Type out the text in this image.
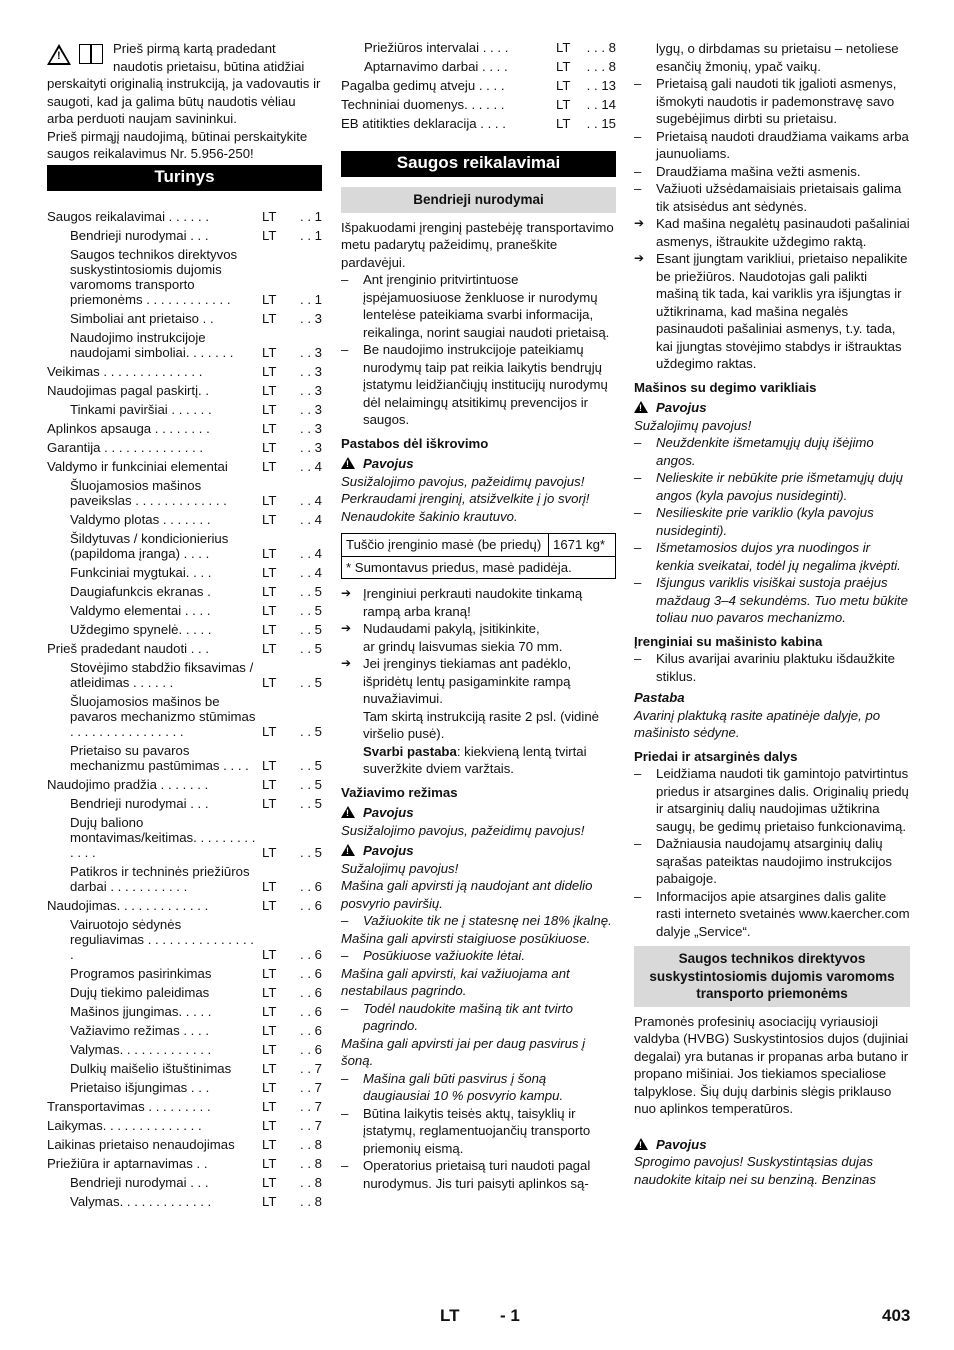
!	Prieš pirmą kartą pradedant naudotis prietaisu, būtina atidžiai perskaityti originalią instrukciją, ja vadovautis ir saugoti, kad ja galima būtų naudotis vėliau arba perduoti naujam savininkui.

Prieš pirmąjį naudojimą, būtinai perskaitykite saugos reikalavimus Nr. 5.956-250!

Turinys
Saugos reikalavimai . . . . . .	LT	. . 1
Bendrieji nurodymai . . .	LT	. . 1
Saugos technikos direktyvos suskystintosiomis dujomis varomoms transporto priemonėms . . . . . . . . . . . .	LT	. . 1
Simboliai ant prietaiso . .	LT	. . 3
Naudojimo instrukcijoje naudojami simboliai. . . . . . .	LT	. . 3
Veikimas . . . . . . . . . . . . . .	LT	. . 3
Naudojimas pagal paskirtį. .	LT	. . 3
Tinkami paviršiai . . . . . .	LT	. . 3
Aplinkos apsauga . . . . . . . .	LT	. . 3
Garantija . . . . . . . . . . . . . .	LT	. . 3
Valdymo ir funkciniai elementai	LT	. . 4
Šluojamosios mašinos paveikslas . . . . . . . . . . . . .	LT	. . 4
Valdymo plotas . . . . . . .	LT	. . 4
Šildytuvas / kondicionierius (papildoma įranga) . . . .	LT	. . 4
Funkciniai mygtukai. . . .	LT	. . 4
Daugiafunkcis ekranas .	LT	. . 5
Valdymo elementai . . . .	LT	. . 5
Uždegimo spynelė. . . . .	LT	. . 5
Prieš pradedant naudoti . . .	LT	. . 5
Stovėjimo stabdžio fiksavimas / atleidimas . . . . . .	LT	. . 5
Šluojamosios mašinos be pavaros mechanizmo stūmimas . . . . . . . . . . . . . . . .	LT	. . 5
Prietaiso su pavaros mechanizmu pastūmimas . . . .	LT	. . 5
Naudojimo pradžia . . . . . . .	LT	. . 5
Bendrieji nurodymai . . .	LT	. . 5
Dujų baliono montavimas/keitimas. . . . . . . . . . . . .	LT	. . 5
Patikros ir techninės priežiūros darbai . . . . . . . . . . .	LT	. . 6
Naudojimas. . . . . . . . . . . . .	LT	. . 6
Vairuotojo sėdynės reguliavimas . . . . . . . . . . . . . . . .	LT	. . 6
Programos pasirinkimas	LT	. . 6
Dujų tiekimo paleidimas	LT	. . 6
Mašinos įjungimas. . . . .	LT	. . 6
Važiavimo režimas . . . .	LT	. . 6
Valymas. . . . . . . . . . . . .	LT	. . 6
Dulkių maišelio ištuštinimas	LT	. . 7
Prietaiso išjungimas . . .	LT	. . 7
Transportavimas . . . . . . . . .	LT	. . 7
Laikymas. . . . . . . . . . . . . .	LT	. . 7
Laikinas prietaiso nenaudojimas	LT	. . 8
Priežiūra ir aptarnavimas . .	LT	. . 8
Bendrieji nurodymai . . .	LT	. . 8
Valymas. . . . . . . . . . . . .	LT	. . 8
Priežiūros intervalai . . . .	LT	. . . 8
Aptarnavimo darbai . . . .	LT	. . . 8
Pagalba gedimų atveju . . . .	LT	. . 13
Techniniai duomenys. . . . . .	LT	. . 14
EB atitikties deklaracija . . . .	LT	. . 15
Saugos reikalavimai
Bendrieji nurodymai

Išpakuodami įrenginį pastebėję transportavimo metu padarytų pažeidimų, praneškite pardavėjui.

– Ant įrenginio pritvirtintuose įspėjamuosiuose ženkluose ir nurodymų lentelėse pateikiama svarbi informacija, reikalinga, norint saugiai naudoti prietaisą.

– Be naudojimo instrukcijoje pateikiamų nurodymų taip pat reikia laikytis bendrųjų įstatymu leidžiančiųjų institucijų nurodymų dėl nelaimingų atsitikimų prevencijos ir saugos.

Pastabos dėl iškrovimo

!Pavojus

Susižalojimo pavojus, pažeidimų pavojus! Perkraudami įrenginį, atsižvelkite į jo svorį! Nenaudokite šakinio krautuvo.

Tuščio įrenginio masė (be priedų)	1671 kg*
* Sumontavus priedus, masė padidėja.

➔ Įrenginiui perkrauti naudokite tinkamą rampą arba kraną!

➔ Nudaudami pakylą, įsitikinkite,

ar grindų laisvumas siekia 70 mm.

➔ Jei įrenginys tiekiamas ant padėklo, išpridėtų lentų pasigaminkite rampą nuvažiavimui.

Tam skirtą instrukciją rasite 2 psl. (vidinė viršelio pusė).

Svarbi pastaba: kiekvieną lentą tvirtai suveržkite dviem varžtais.

Važiavimo režimas

!Pavojus

Susižalojimo pavojus, pažeidimų pavojus!

!Pavojus

Sužalojimų pavojus!

Mašina gali apvirsti ją naudojant ant didelio posvyrio paviršių.

– Važiuokite tik ne į statesnę nei 18% įkalnę.

Mašina gali apvirsti staigiuose posūkiuose.

– Posūkiuose važiuokite lėtai.

Mašina gali apvirsti, kai važiuojama ant nestabilaus pagrindo.

– Todėl naudokite mašiną tik ant tvirto pagrindo.

Mašina gali apvirsti jai per daug pasvirus į šoną.

– Mašina gali būti pasvirus į šoną daugiausiai 10 % posvyrio kampu.

– Būtina laikytis teisės aktų, taisyklių ir įstatymų, reglamentuojančių transporto priemonių eismą.

– Operatorius prietaisą turi naudoti pagal nurodymus. Jis turi paisyti aplinkos są-

lygų, o dirbdamas su prietaisu – netoliese esančių žmonių, ypač vaikų.

– Prietaisą gali naudoti tik įgalioti asmenys, išmokyti naudotis ir pademonstravę savo sugebėjimus dirbti su prietaisu.

– Prietaisą naudoti draudžiama vaikams arba jaunuoliams.

– Draudžiama mašina vežti asmenis.

– Važiuoti užsėdamaisiais prietaisais galima tik atsisėdus ant sėdynės.

➔ Kad mašina negalėtų pasinaudoti pašaliniai asmenys, ištraukite uždegimo raktą.

➔ Esant įjungtam varikliui, prietaiso nepalikite be priežiūros. Naudotojas gali palikti mašiną tik tada, kai variklis yra išjungtas ir užtikrinama, kad mašina negalės pasinaudoti pašaliniai asmenys, t.y. tada, kai įjungtas stovėjimo stabdys ir ištrauktas uždegimo raktas.

Mašinos su degimo varikliais

!Pavojus

Sužalojimų pavojus!

– Neuždenkite išmetamųjų dujų išėjimo angos.

– Nelieskite ir nebūkite prie išmetamųjų dujų angos (kyla pavojus nusideginti).

– Nesilieskite prie variklio (kyla pavojus nusideginti).

– Išmetamosios dujos yra nuodingos ir kenkia sveikatai, todėl jų negalima įkvėpti.

– Išjungus variklis visiškai sustoja praėjus maždaug 3–4 sekundėms. Tuo metu būkite toliau nuo pavaros mechanizmo.

Įrenginiai su mašinisto kabina

– Kilus avarijai avariniu plaktuku išdaužkite stiklus.

Pastaba

Avarinį plaktuką rasite apatinėje dalyje, po mašinisto sėdyne.

Priedai ir atsarginės dalys

– Leidžiama naudoti tik gamintojo patvirtintus priedus ir atsargines dalis. Originalių priedų ir atsarginių dalių naudojimas užtikrina saugų, be gedimų prietaiso funkcionavimą.

– Dažniausia naudojamų atsarginių dalių sąrašas pateiktas naudojimo instrukcijos pabaigoje.

– Informacijos apie atsargines dalis galite rasti interneto svetainės www.kaercher.com dalyje „Service“.

Saugos technikos direktyvos suskystintosiomis dujomis varomoms transporto priemonėms

Pramonės profesinių asociacijų vyriausioji valdyba (HVBG) Suskystintosios dujos (dujiniai degalai) yra butanas ir propanas arba butano ir propano mišiniai. Jos tiekiamos specialiose talpyklose. Šių dujų darbinis slėgis priklauso nuo aplinkos temperatūros.

!Pavojus

Sprogimo pavojus! Suskystintąsias dujas naudokite kitaip nei su benziną. Benzinas

LT - 1	403
